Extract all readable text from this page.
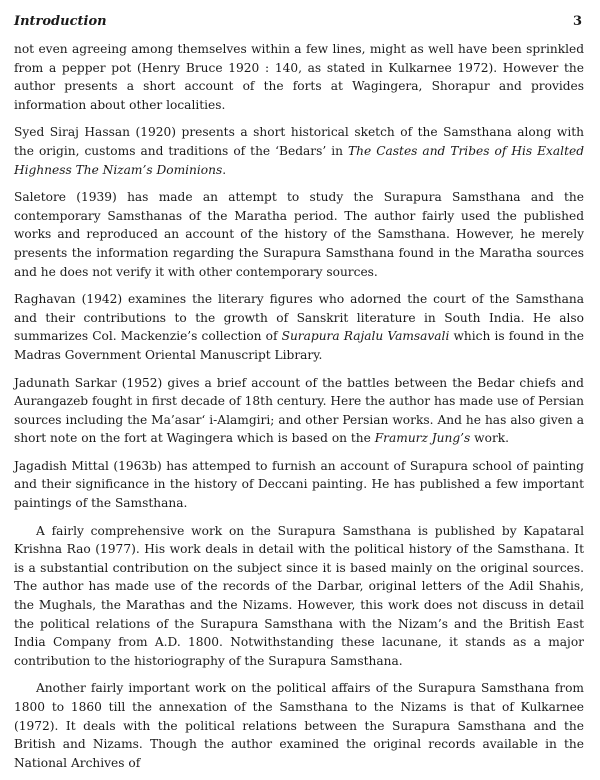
Introduction	3

not even agreeing among themselves within a few lines, might as well have been sprinkled from a pepper pot (Henry Bruce 1920 : 140, as stated in Kulkarnee 1972). However the author presents a short account of the forts at Wagingera, Shorapur and provides information about other localities.

Syed Siraj Hassan (1920) presents a short historical sketch of the Samsthana along with the origin, customs and traditions of the ‘Bedars’ in The Castes and Tribes of His Exalted Highness The Nizam’s Dominions.

Saletore (1939) has made an attempt to study the Surapura Samsthana and the contemporary Samsthanas of the Maratha period. The author fairly used the published works and reproduced an account of the history of the Samsthana. However, he merely presents the information regarding the Surapura Samsthana found in the Maratha sources and he does not verify it with other contemporary sources.

Raghavan (1942) examines the literary figures who adorned the court of the Samsthana and their contributions to the growth of Sanskrit literature in South India. He also summarizes Col. Mackenzie’s collection of Surapura Rajalu Vamsavali which is found in the Madras Government Oriental Manuscript Library.

Jadunath Sarkar (1952) gives a brief account of the battles between the Bedar chiefs and Aurangazeb fought in first decade of 18th century. Here the author has made use of Persian sources including the Ma’asar‘ i-Alamgiri; and other Persian works. And he has also given a short note on the fort at Wagingera which is based on the Framurz Jung’s work.

Jagadish Mittal (1963b) has attemped to furnish an account of Surapura school of painting and their significance in the history of Deccani painting. He has published a few important paintings of the Samsthana.

A fairly comprehensive work on the Surapura Samsthana is published by Kapataral Krishna Rao (1977). His work deals in detail with the political history of the Samsthana. It is a substantial contribution on the subject since it is based mainly on the original sources. The author has made use of the records of the Darbar, original letters of the Adil Shahis, the Mughals, the Marathas and the Nizams. However, this work does not discuss in detail the political relations of the Surapura Samsthana with the Nizam’s and the British East India Company from A.D. 1800. Notwithstanding these lacunane, it stands as a major contribution to the historiography of the Surapura Samsthana.

Another fairly important work on the political affairs of the Surapura Samsthana from 1800 to 1860 till the annexation of the Samsthana to the Nizams is that of Kulkarnee (1972). It deals with the political relations between the Surapura Samsthana and the British and Nizams. Though the author examined the original records available in the National Archives of
